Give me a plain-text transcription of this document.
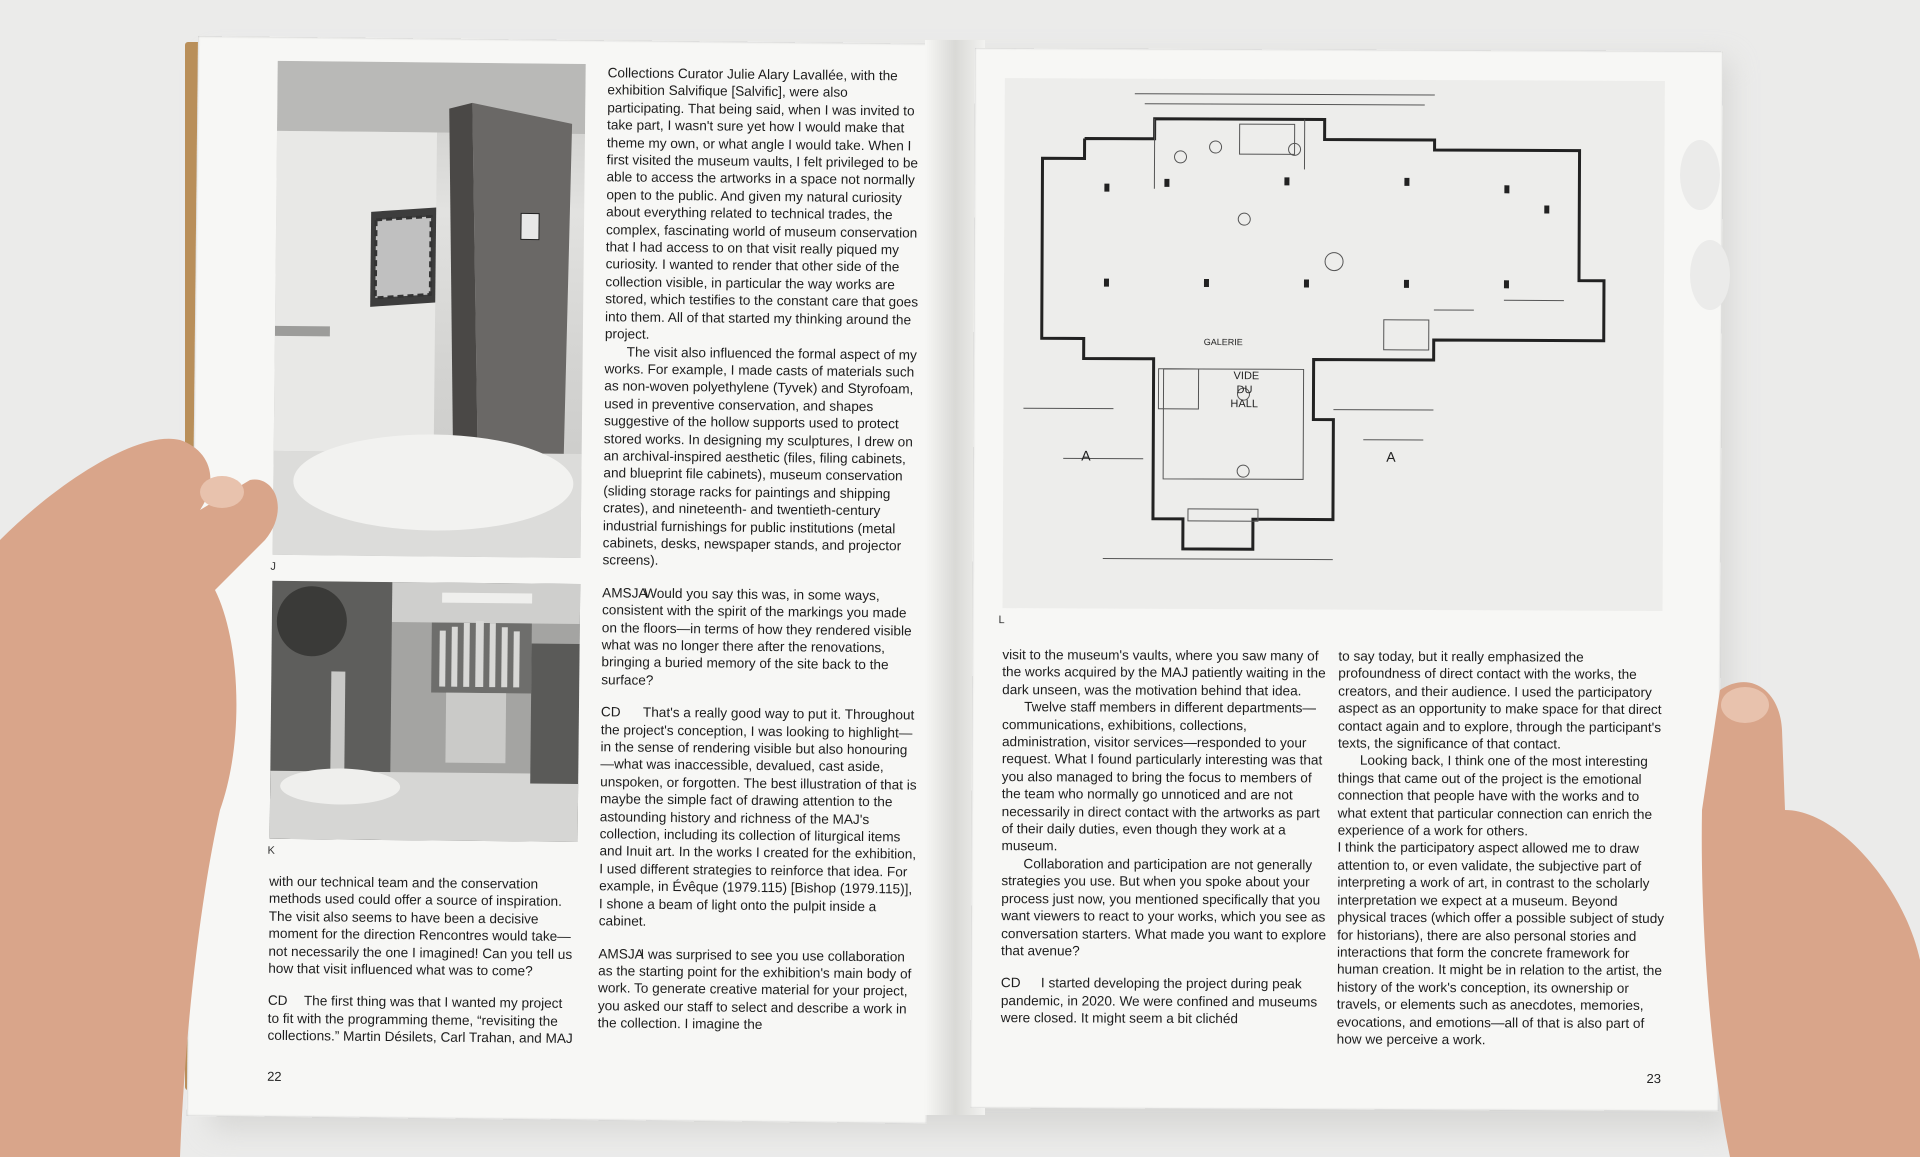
J
K

Collections Curator Julie Alary Lavallée, with the exhibition Salvifique [Salvific], were also participating. That being said, when I was invited to take part, I wasn't sure yet how I would make that theme my own, or what angle I would take. When I first visited the museum vaults, I felt privileged to be able to access the artworks in a space not normally open to the public. And given my natural curiosity about everything related to technical trades, the complex, fascinating world of museum conservation that I had access to on that visit really piqued my curiosity. I wanted to render that other side of the collection visible, in particular the way works are stored, which testifies to the constant care that goes into them. All of that started my thinking around the project.

The visit also influenced the formal aspect of my works. For example, I made casts of materials such as non-woven polyethylene (Tyvek) and Styrofoam, used in preventive conservation, and shapes suggestive of the hollow supports used to protect stored works. In designing my sculptures, I drew on an archival-inspired aesthetic (files, filing cabinets, and blueprint file cabinets), museum conservation (sliding storage racks for paintings and shipping crates), and nineteenth- and twentieth-century industrial furnishings for public institutions (metal cabinets, desks, newspaper stands, and projector screens).

AMSJAWould you say this was, in some ways, consistent with the spirit of the markings you made on the floors—in terms of how they rendered visible what was no longer there after the renovations, bringing a buried memory of the site back to the surface?

CD That's a really good way to put it. Throughout the project's conception, I was looking to highlight—in the sense of rendering visible but also honouring—what was inaccessible, devalued, cast aside, unspoken, or forgotten. The best illustration of that is maybe the simple fact of drawing attention to the astounding history and richness of the MAJ's collection, including its collection of liturgical items and Inuit art. In the works I created for the exhibition, I used different strategies to reinforce that idea. For example, in Évêque (1979.115) [Bishop (1979.115)], I shone a beam of light onto the pulpit inside a cabinet.

AMSJAI was surprised to see you use collaboration as the starting point for the exhibition's main body of work. To generate creative material for your project, you asked our staff to select and describe a work in the collection. I imagine the

with our technical team and the conservation methods used could offer a source of inspiration. The visit also seems to have been a decisive moment for the direction Rencontres would take—not necessarily the one I imagined! Can you tell us how that visit influenced what was to come?

CD The first thing was that I wanted my project to fit with the programming theme, “revisiting the collections.” Martin Désilets, Carl Trahan, and MAJ

22
GALERIE
VIDE
DU
HALL
A	A
L

visit to the museum's vaults, where you saw many of the works acquired by the MAJ patiently waiting in the dark unseen, was the motivation behind that idea.

Twelve staff members in different departments—communications, exhibitions, collections, administration, visitor services—responded to your request. What I found particularly interesting was that you also managed to bring the focus to members of the team who normally go unnoticed and are not necessarily in direct contact with the artworks as part of their daily duties, even though they work at a museum.

Collaboration and participation are not generally strategies you use. But when you spoke about your process just now, you mentioned specifically that you want viewers to react to your works, which you see as conversation starters. What made you want to explore that avenue?

CD I started developing the project during peak pandemic, in 2020. We were confined and museums were closed. It might seem a bit clichéd

to say today, but it really emphasized the profoundness of direct contact with the works, the creators, and their audience. I used the participatory aspect as an opportunity to make space for that direct contact again and to explore, through the participant's texts, the significance of that contact.

Looking back, I think one of the most interesting things that came out of the project is the emotional connection that people have with the works and to what extent that particular connection can enrich the experience of a work for others.

I think the participatory aspect allowed me to draw attention to, or even validate, the subjective part of interpreting a work of art, in contrast to the scholarly interpretation we expect at a museum. Beyond physical traces (which offer a possible subject of study for historians), there are also personal stories and interactions that form the concrete framework for human creation. It might be in relation to the artist, the history of the work's conception, its ownership or travels, or elements such as anecdotes, memories, evocations, and emotions—all of that is also part of how we perceive a work.

23
